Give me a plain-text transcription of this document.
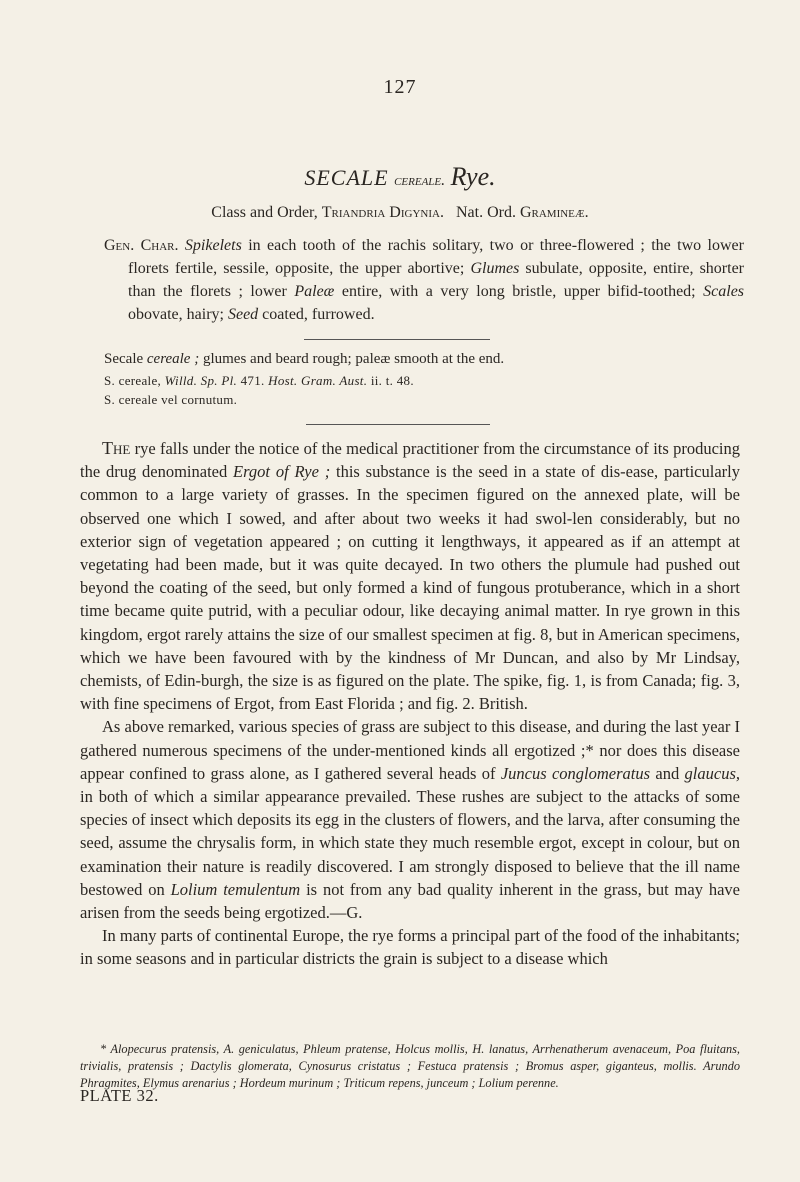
127
SECALE cereale. Rye.
Class and Order, Triandria Digynia. Nat. Ord. Gramineæ.
Gen. Char. Spikelets in each tooth of the rachis solitary, two or three-flowered ; the two lower florets fertile, sessile, opposite, the upper abortive; Glumes subulate, opposite, entire, shorter than the florets ; lower Paleæ entire, with a very long bristle, upper bifid-toothed; Scales obovate, hairy; Seed coated, furrowed.
Secale cereale ; glumes and beard rough; paleæ smooth at the end.
S. cereale, Willd. Sp. Pl. 471. Host. Gram. Aust. ii. t. 48.
S. cereale vel cornutum.

The rye falls under the notice of the medical practitioner from the circumstance of its producing the drug denominated Ergot of Rye ; this substance is the seed in a state of dis-ease, particularly common to a large variety of grasses. In the specimen figured on the annexed plate, will be observed one which I sowed, and after about two weeks it had swol-len considerably, but no exterior sign of vegetation appeared ; on cutting it lengthways, it appeared as if an attempt at vegetating had been made, but it was quite decayed. In two others the plumule had pushed out beyond the coating of the seed, but only formed a kind of fungous protuberance, which in a short time became quite putrid, with a peculiar odour, like decaying animal matter. In rye grown in this kingdom, ergot rarely attains the size of our smallest specimen at fig. 8, but in American specimens, which we have been favoured with by the kindness of Mr Duncan, and also by Mr Lindsay, chemists, of Edin-burgh, the size is as figured on the plate. The spike, fig. 1, is from Canada; fig. 3, with fine specimens of Ergot, from East Florida ; and fig. 2. British.

As above remarked, various species of grass are subject to this disease, and during the last year I gathered numerous specimens of the under-mentioned kinds all ergotized ;* nor does this disease appear confined to grass alone, as I gathered several heads of Juncus conglomeratus and glaucus, in both of which a similar appearance prevailed. These rushes are subject to the attacks of some species of insect which deposits its egg in the clusters of flowers, and the larva, after consuming the seed, assume the chrysalis form, in which state they much resemble ergot, except in colour, but on examination their nature is readily discovered. I am strongly disposed to believe that the ill name bestowed on Lolium temulentum is not from any bad quality inherent in the grass, but may have arisen from the seeds being ergotized.—G.

In many parts of continental Europe, the rye forms a principal part of the food of the inhabitants; in some seasons and in particular districts the grain is subject to a disease which

* Alopecurus pratensis, A. geniculatus, Phleum pratense, Holcus mollis, H. lanatus, Arrhenatherum avenaceum, Poa fluitans, trivialis, pratensis ; Dactylis glomerata, Cynosurus cristatus ; Festuca pratensis ; Bromus asper, giganteus, mollis. Arundo Phragmites, Elymus arenarius ; Hordeum murinum ; Triticum repens, junceum ; Lolium perenne.
PLATE 32.
